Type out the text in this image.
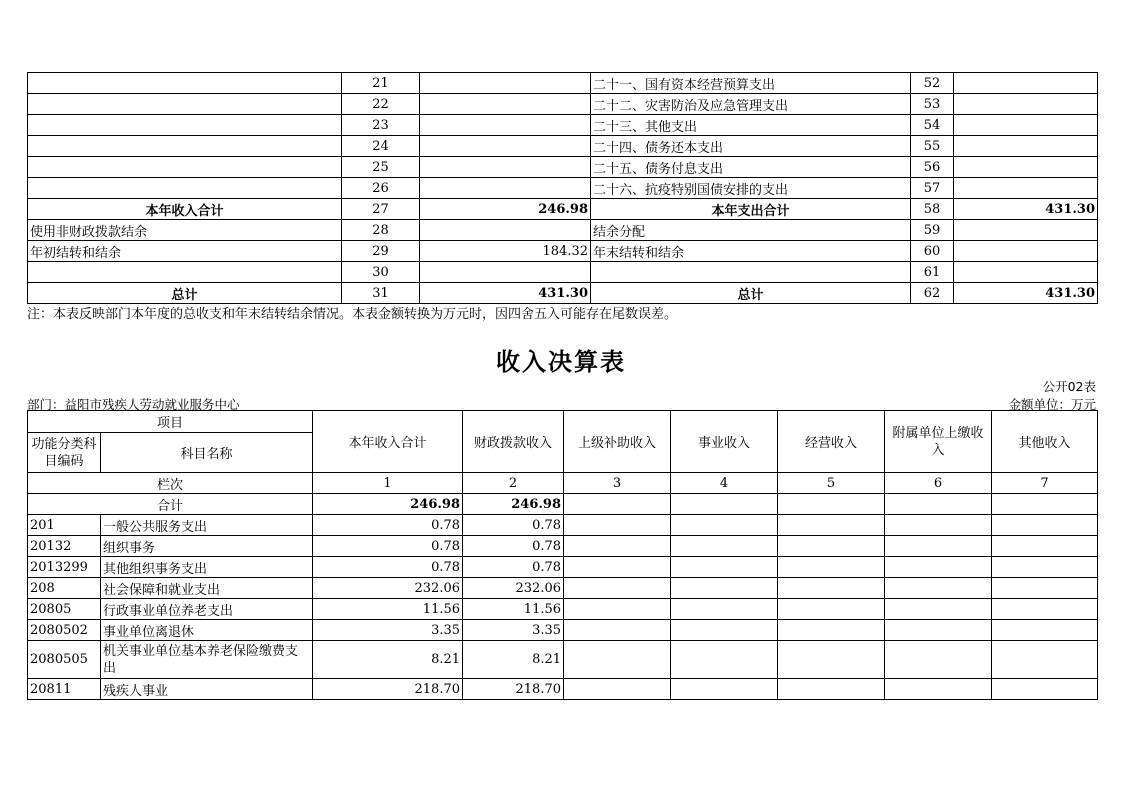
	21		二十一、国有资本经营预算支出	52	
	22		二十二、灾害防治及应急管理支出	53	
	23		二十三、其他支出	54	
	24		二十四、债务还本支出	55	
	25		二十五、债务付息支出	56	
	26		二十六、抗疫特别国债安排的支出	57	
本年收入合计	27	246.98	本年支出合计	58	431.30
使用非财政拨款结余	28		结余分配	59	
年初结转和结余	29	184.32	年末结转和结余	60	
	30			61	
总计	31	431.30	总计	62	431.30
注：本表反映部门本年度的总收支和年末结转结余情况。本表金额转换为万元时，因四舍五入可能存在尾数误差。
收入决算表
公开02表
部门：益阳市残疾人劳动就业服务中心	金额单位：万元
项目		本年收入合计	财政拨款收入	上级补助收入	事业收入	经营收入	附属单位上缴收入	其他收入
功能分类科目编码	科目名称							
栏次		1	2	3	4	5	6	7
合计		246.98	246.98					
201	一般公共服务支出	0.78	0.78					
20132	组织事务	0.78	0.78					
2013299	其他组织事务支出	0.78	0.78					
208	社会保障和就业支出	232.06	232.06					
20805	行政事业单位养老支出	11.56	11.56					
2080502	事业单位离退休	3.35	3.35					
2080505	机关事业单位基本养老保险缴费支出	8.21	8.21					
20811	残疾人事业	218.70	218.70					
